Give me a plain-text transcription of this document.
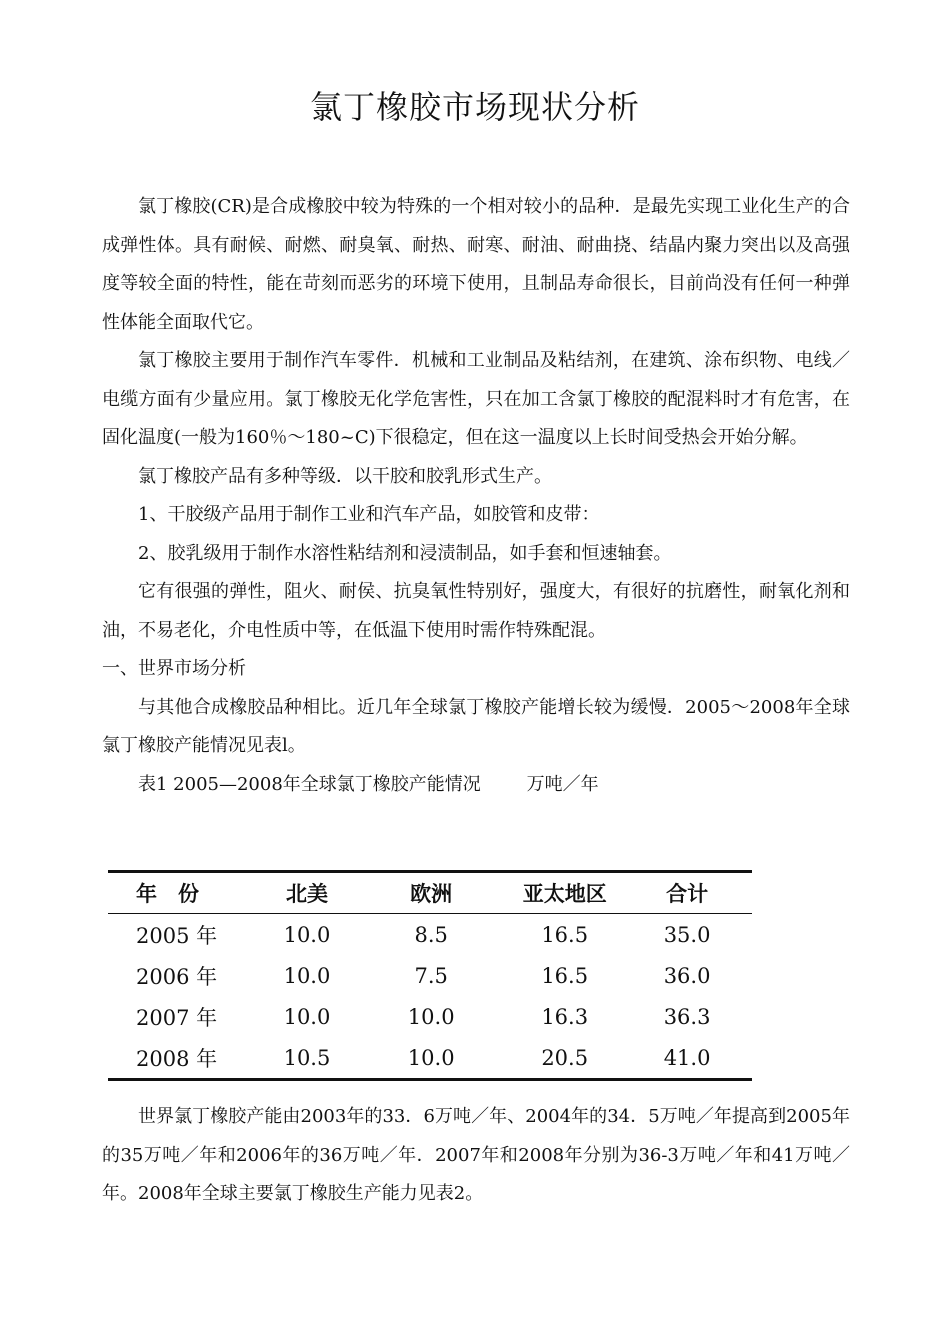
氯丁橡胶市场现状分析

氯丁橡胶(CR)是合成橡胶中较为特殊的一个相对较小的品种．是最先实现工业化生产的合成弹性体。具有耐候、耐燃、耐臭氧、耐热、耐寒、耐油、耐曲挠、结晶内聚力突出以及高强度等较全面的特性，能在苛刻而恶劣的环境下使用，且制品寿命很长，目前尚没有任何一种弹性体能全面取代它。

氯丁橡胶主要用于制作汽车零件．机械和工业制品及粘结剂，在建筑、涂布织物、电线／电缆方面有少量应用。氯丁橡胶无化学危害性，只在加工含氯丁橡胶的配混料时才有危害，在固化温度(一般为160％～180~C)下很稳定，但在这一温度以上长时间受热会开始分解。

氯丁橡胶产品有多种等级．以干胶和胶乳形式生产。

1、干胶级产品用于制作工业和汽车产品，如胶管和皮带：

2、胶乳级用于制作水溶性粘结剂和浸渍制品，如手套和恒速轴套。

它有很强的弹性，阻火、耐侯、抗臭氧性特别好，强度大，有很好的抗磨性，耐氧化剂和油，不易老化，介电性质中等，在低温下使用时需作特殊配混。

一、世界市场分析

与其他合成橡胶品种相比。近几年全球氯丁橡胶产能增长较为缓慢．2005～2008年全球氯丁橡胶产能情况见表l。

表1 2005—2008年全球氯丁橡胶产能情况        万吨／年

年　份	北美	欧洲	亚太地区	合计
2005 年	10.0	8.5	16.5	35.0
2006 年	10.0	7.5	16.5	36.0
2007 年	10.0	10.0	16.3	36.3
2008 年	10.5	10.0	20.5	41.0

世界氯丁橡胶产能由2003年的33．6万吨／年、2004年的34．5万吨／年提高到2005年的35万吨／年和2006年的36万吨／年．2007年和2008年分别为36-3万吨／年和41万吨／年。2008年全球主要氯丁橡胶生产能力见表2。
